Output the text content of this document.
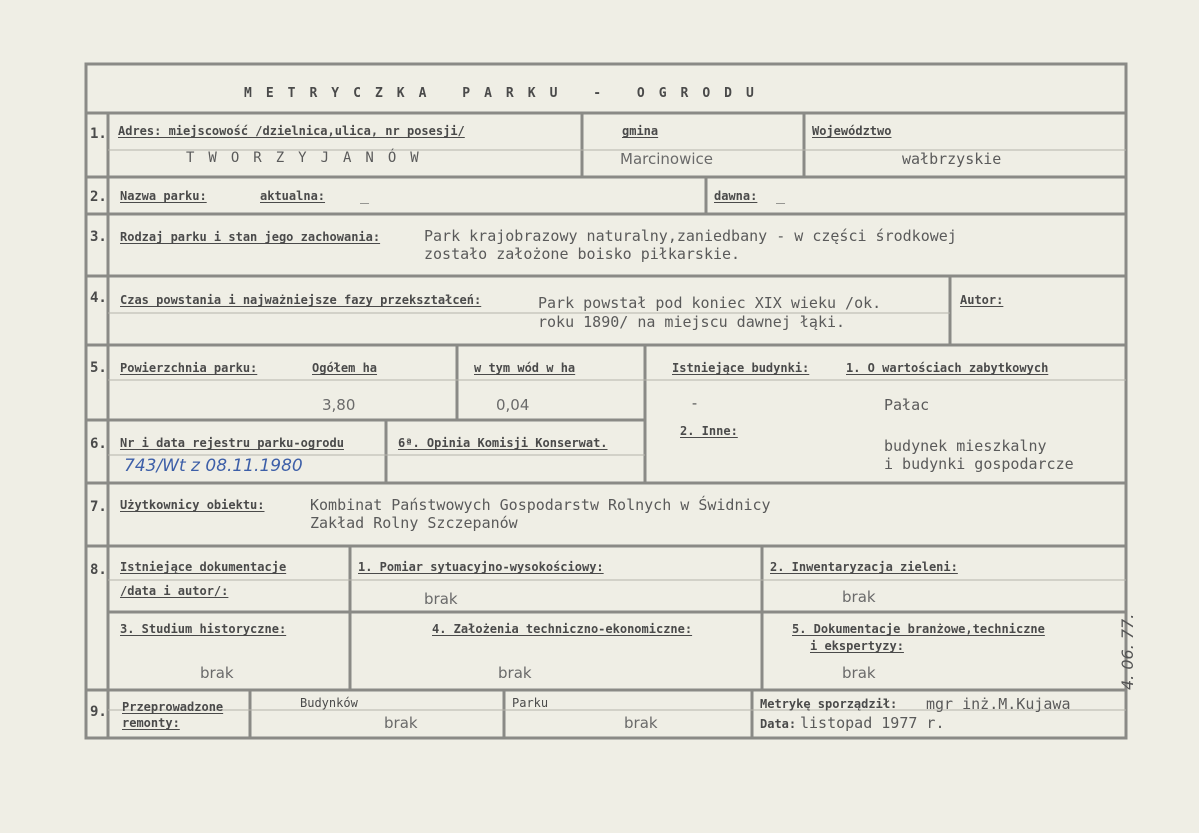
METRYCZKA PARKU - OGRODU
1. Adres: miejscowość /dzielnica,ulica, nr posesji/
TWORZYJANÓW
gmina
Marcinowice
Województwo
wałbrzyskie
2. Nazwa parku:	aktualna: _	dawna: _
3. Rodzaj parku i stan jego zachowania:	Park krajobrazowy naturalny,zaniedbany - w części środkowej
zostało założone boisko piłkarskie.
4. Czas powstania i najważniejsze fazy przekształceń:	Park powstał pod koniec XIX wieku /ok.
roku 1890/ na miejscu dawnej łąki.
Autor:
5. Powierzchnia parku:	Ogółem ha
3,80
w tym wód w ha
0,04
Istniejące budynki:	1. O wartościach zabytkowych
-	Pałac
6. Nr i data rejestru parku-ogrodu
743/Wt z 08.11.1980
6ª. Opinia Komisji Konserwat.
2. Inne:
budynek mieszkalny
i budynki gospodarcze
7. Użytkownicy obiektu:	Kombinat Państwowych Gospodarstw Rolnych w Świdnicy
Zakład Rolny Szczepanów
8. Istniejące dokumentacje
/data i autor/:
1. Pomiar sytuacyjno-wysokościowy:
brak
2. Inwentaryzacja zieleni:
brak
3. Studium historyczne:
brak
4. Założenia techniczno-ekonomiczne:
brak
5. Dokumentacje branżowe,techniczne
i ekspertyzy:
brak
9. Przeprowadzone
remonty:
Budynków
brak
Parku
brak
Metrykę sporządził: mgr inż.M.Kujawa
Data: listopad 1977 r.
4. 06. 77.
